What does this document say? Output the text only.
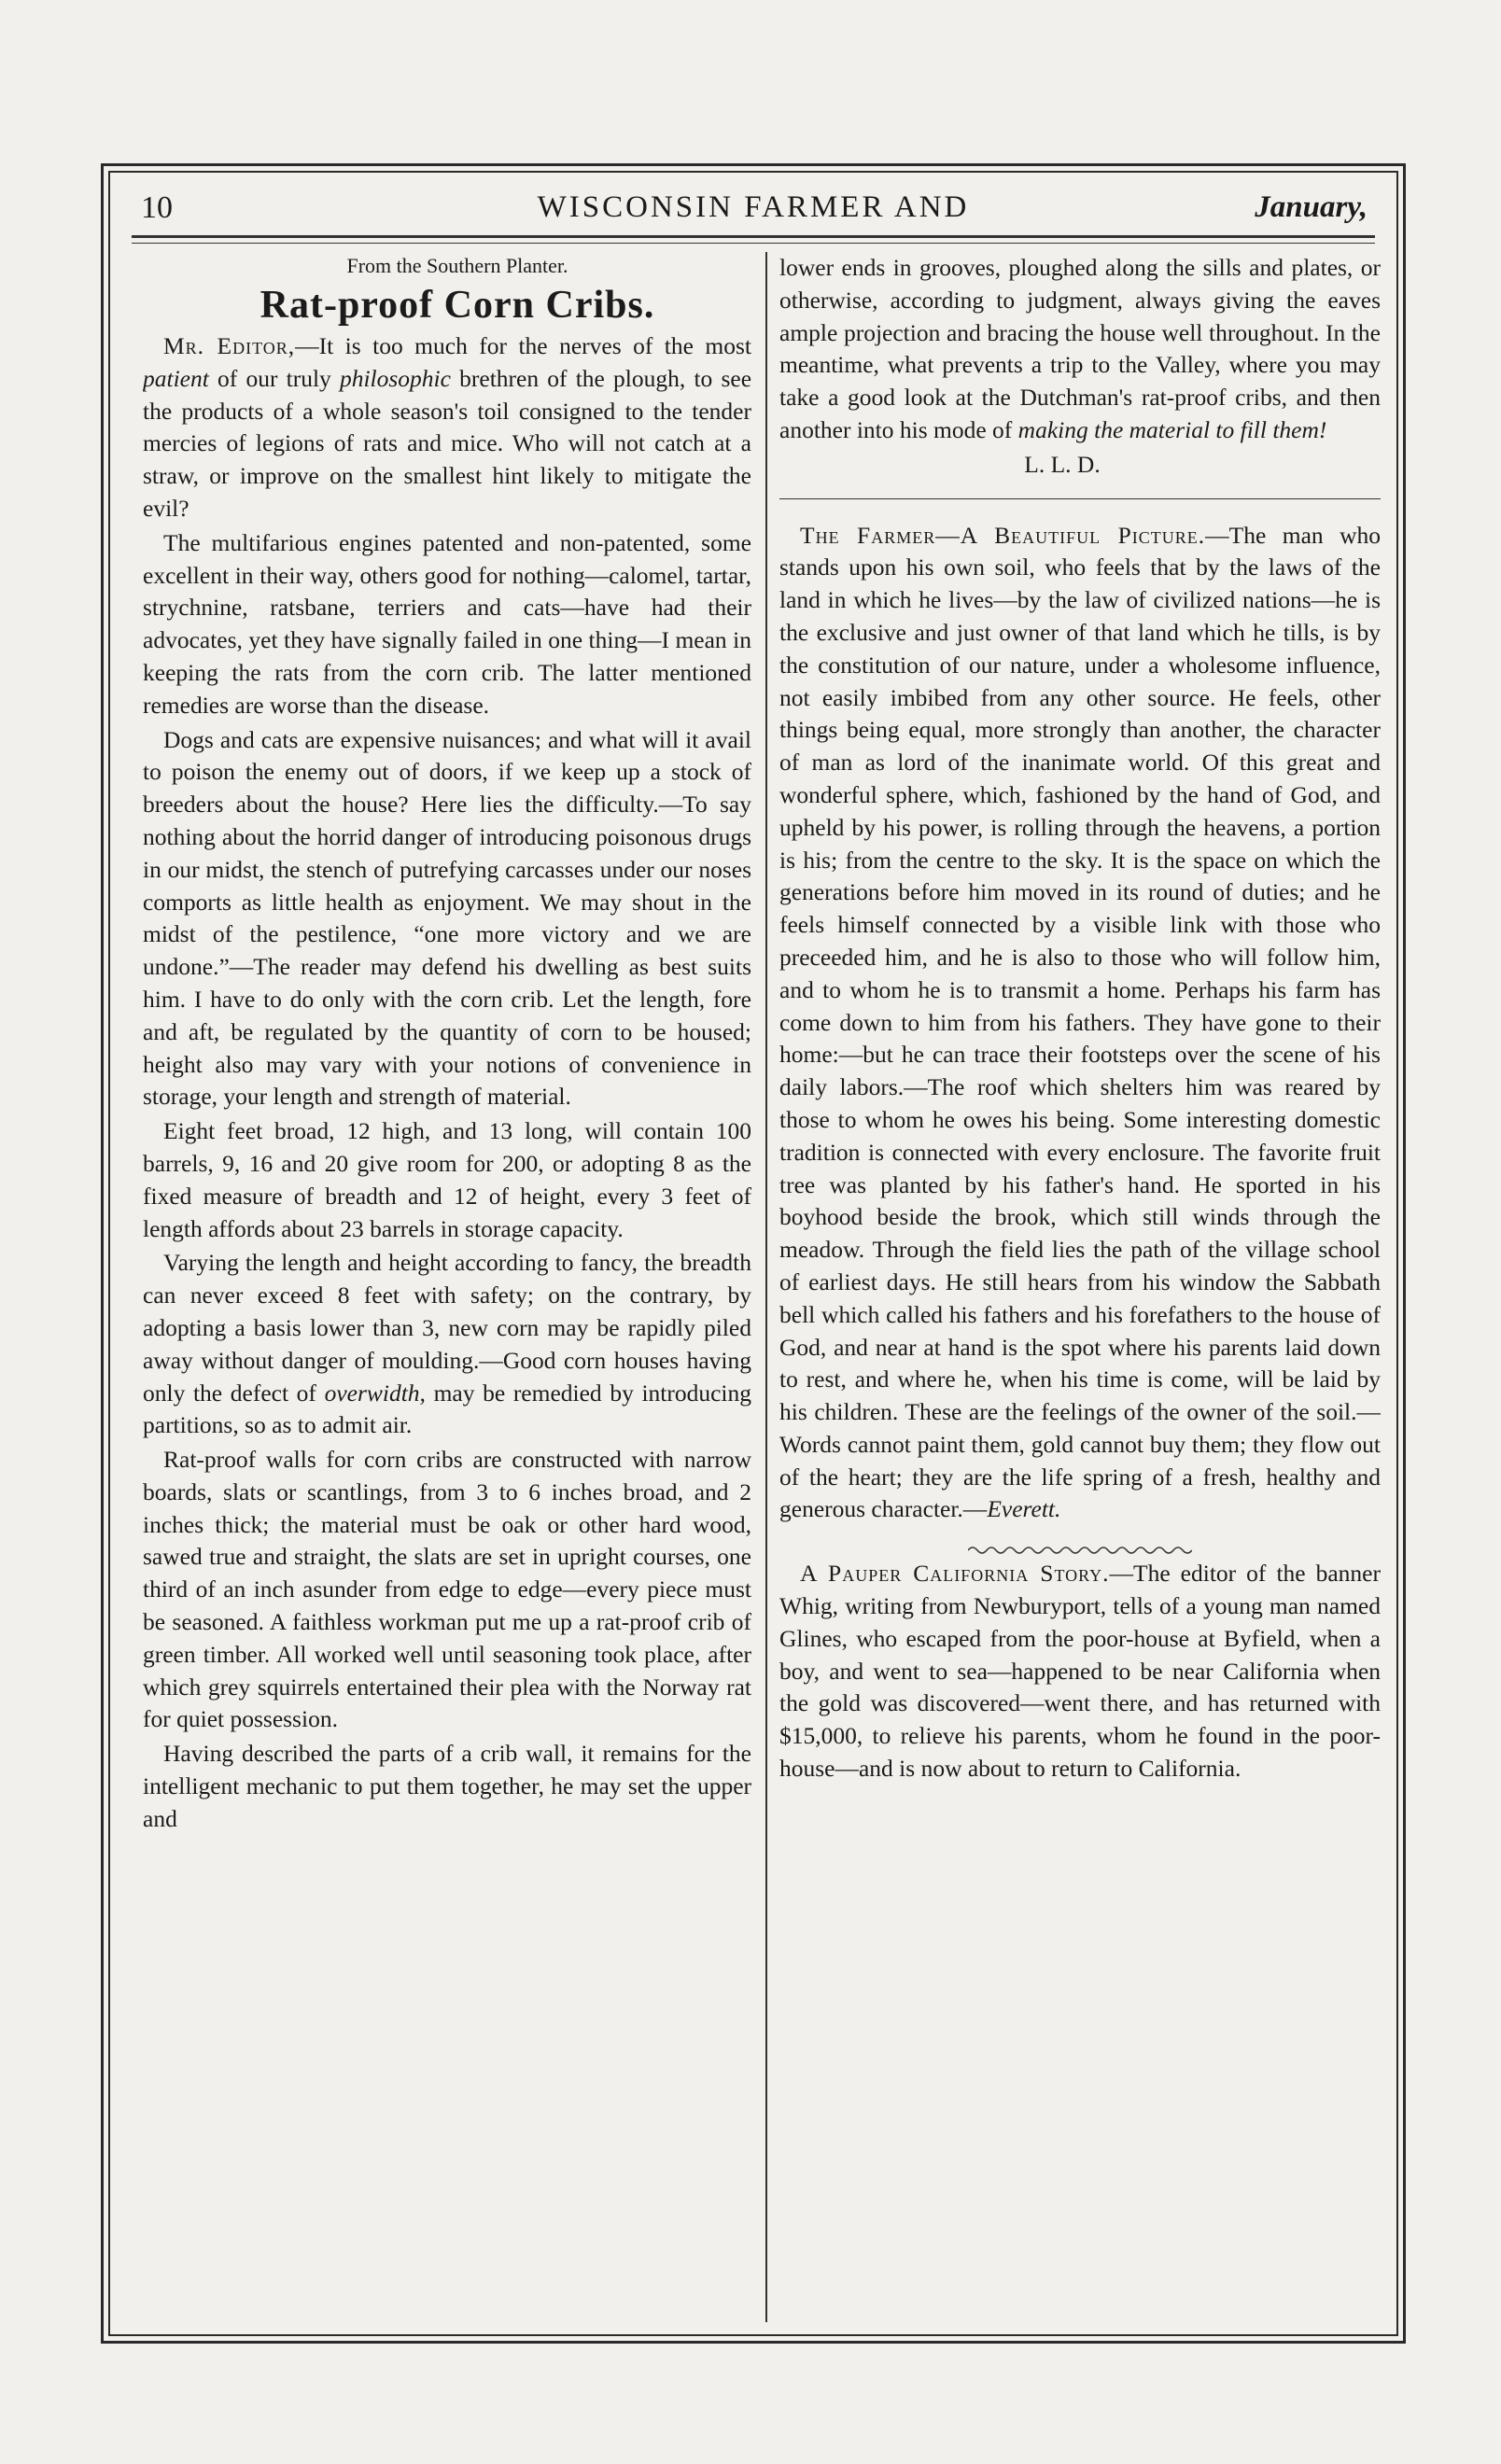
10	WISCONSIN FARMER AND	January,

From the Southern Planter.

Rat-proof Corn Cribs.

Mr. Editor,—It is too much for the nerves of the most patient of our truly philosophic brethren of the plough, to see the products of a whole season's toil consigned to the tender mercies of legions of rats and mice. Who will not catch at a straw, or improve on the smallest hint likely to mitigate the evil?

The multifarious engines patented and non-patented, some excellent in their way, others good for nothing—calomel, tartar, strychnine, ratsbane, terriers and cats—have had their advocates, yet they have signally failed in one thing—I mean in keeping the rats from the corn crib. The latter mentioned remedies are worse than the disease.

Dogs and cats are expensive nuisances; and what will it avail to poison the enemy out of doors, if we keep up a stock of breeders about the house? Here lies the difficulty.—To say nothing about the horrid danger of introducing poisonous drugs in our midst, the stench of putrefying carcasses under our noses comports as little health as enjoyment. We may shout in the midst of the pestilence, “one more victory and we are undone.”—The reader may defend his dwelling as best suits him. I have to do only with the corn crib. Let the length, fore and aft, be regulated by the quantity of corn to be housed; height also may vary with your notions of convenience in storage, your length and strength of material.

Eight feet broad, 12 high, and 13 long, will contain 100 barrels, 9, 16 and 20 give room for 200, or adopting 8 as the fixed measure of breadth and 12 of height, every 3 feet of length affords about 23 barrels in storage capacity.

Varying the length and height according to fancy, the breadth can never exceed 8 feet with safety; on the contrary, by adopting a basis lower than 3, new corn may be rapidly piled away without danger of moulding.—Good corn houses having only the defect of overwidth, may be remedied by introducing partitions, so as to admit air.

Rat-proof walls for corn cribs are constructed with narrow boards, slats or scantlings, from 3 to 6 inches broad, and 2 inches thick; the material must be oak or other hard wood, sawed true and straight, the slats are set in upright courses, one third of an inch asunder from edge to edge—every piece must be seasoned. A faithless workman put me up a rat-proof crib of green timber. All worked well until seasoning took place, after which grey squirrels entertained their plea with the Norway rat for quiet possession.

Having described the parts of a crib wall, it remains for the intelligent mechanic to put them together, he may set the upper and

lower ends in grooves, ploughed along the sills and plates, or otherwise, according to judgment, always giving the eaves ample projection and bracing the house well throughout. In the meantime, what prevents a trip to the Valley, where you may take a good look at the Dutchman's rat-proof cribs, and then another into his mode of making the material to fill them!

L. L. D.

The Farmer—A Beautiful Picture.—The man who stands upon his own soil, who feels that by the laws of the land in which he lives—by the law of civilized nations—he is the exclusive and just owner of that land which he tills, is by the constitution of our nature, under a wholesome influence, not easily imbibed from any other source. He feels, other things being equal, more strongly than another, the character of man as lord of the inanimate world. Of this great and wonderful sphere, which, fashioned by the hand of God, and upheld by his power, is rolling through the heavens, a portion is his; from the centre to the sky. It is the space on which the generations before him moved in its round of duties; and he feels himself connected by a visible link with those who preceeded him, and he is also to those who will follow him, and to whom he is to transmit a home. Perhaps his farm has come down to him from his fathers. They have gone to their home:—but he can trace their footsteps over the scene of his daily labors.—The roof which shelters him was reared by those to whom he owes his being. Some interesting domestic tradition is connected with every enclosure. The favorite fruit tree was planted by his father's hand. He sported in his boyhood beside the brook, which still winds through the meadow. Through the field lies the path of the village school of earliest days. He still hears from his window the Sabbath bell which called his fathers and his forefathers to the house of God, and near at hand is the spot where his parents laid down to rest, and where he, when his time is come, will be laid by his children. These are the feelings of the owner of the soil.—Words cannot paint them, gold cannot buy them; they flow out of the heart; they are the life spring of a fresh, healthy and generous character.—Everett.

A Pauper California Story.—The editor of the banner Whig, writing from Newburyport, tells of a young man named Glines, who escaped from the poor-house at Byfield, when a boy, and went to sea—happened to be near California when the gold was discovered—went there, and has returned with $15,000, to relieve his parents, whom he found in the poor-house—and is now about to return to California.
